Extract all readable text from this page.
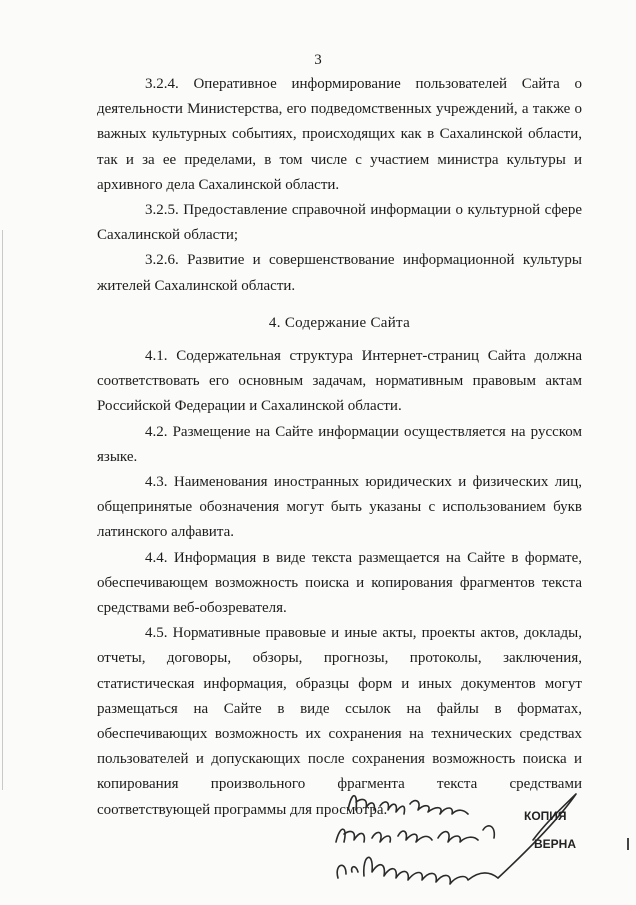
3

3.2.4. Оперативное информирование пользователей Сайта о деятельности Министерства, его подведомственных учреждений, а также о важных культурных событиях, происходящих как в Сахалинской области, так и за ее пределами, в том числе с участием министра культуры и архивного дела Сахалинской области.

3.2.5. Предоставление справочной информации о культурной сфере Сахалинской области;

3.2.6. Развитие и совершенствование информационной культуры жителей Сахалинской области.

4. Содержание Сайта

4.1. Содержательная структура Интернет-страниц Сайта должна соответствовать его основным задачам, нормативным правовым актам Российской Федерации и Сахалинской области.

4.2. Размещение на Сайте информации осуществляется на русском языке.

4.3. Наименования иностранных юридических и физических лиц, общепринятые обозначения могут быть указаны с использованием букв латинского алфавита.

4.4. Информация в виде текста размещается на Сайте в формате, обеспечивающем возможность поиска и копирования фрагментов текста средствами веб-обозревателя.

4.5. Нормативные правовые и иные акты, проекты актов, доклады, отчеты, договоры, обзоры, прогнозы, протоколы, заключения, статистическая информация, образцы форм и иных документов могут размещаться на Сайте в виде ссылок на файлы в форматах, обеспечивающих возможность их сохранения на технических средствах пользователей и допускающих после сохранения возможность поиска и копирования произвольного фрагмента текста средствами соответствующей программы для просмотра.	КОПИЯ
ВЕРНА
